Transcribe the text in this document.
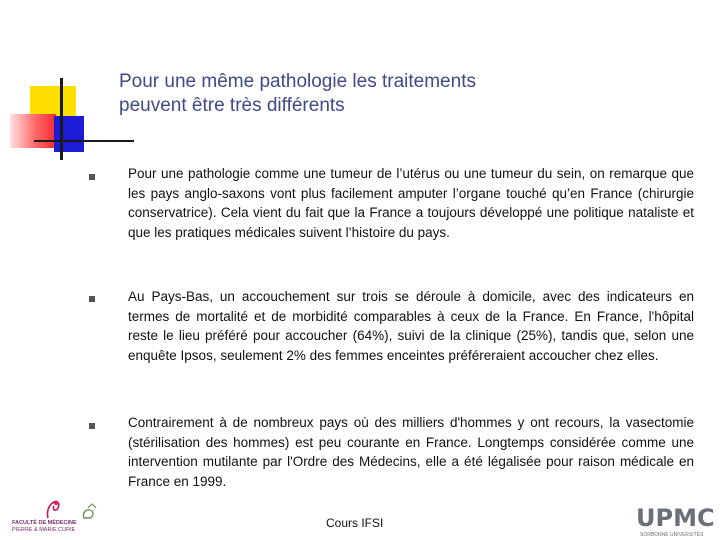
Pour une même pathologie les traitements
peuvent être très différents

Pour une pathologie comme une tumeur de l’utérus ou une tumeur du sein, on remarque que les pays anglo-saxons vont plus facilement amputer l’organe touché qu’en France (chirurgie conservatrice). Cela vient du fait que la France a toujours développé une politique nataliste et que les pratiques médicales suivent l’histoire du pays.

Au Pays-Bas, un accouchement sur trois se déroule à domicile, avec des indicateurs en termes de mortalité et de morbidité comparables à ceux de la France. En France, l'hôpital reste le lieu préféré pour accoucher (64%), suivi de la clinique (25%), tandis que, selon une enquête Ipsos, seulement 2% des femmes enceintes préféreraient accoucher chez elles.

Contrairement à de nombreux pays où des milliers d'hommes y ont recours, la vasectomie (stérilisation des hommes) est peu courante en France. Longtemps considérée comme une intervention mutilante par l'Ordre des Médecins, elle a été légalisée pour raison médicale en France en 1999.

Cours IFSI
FACULTÉ DE MÉDECINE
PIERRE & MARIE CURIE	UPMC
SORBONNE UNIVERSITÉS
